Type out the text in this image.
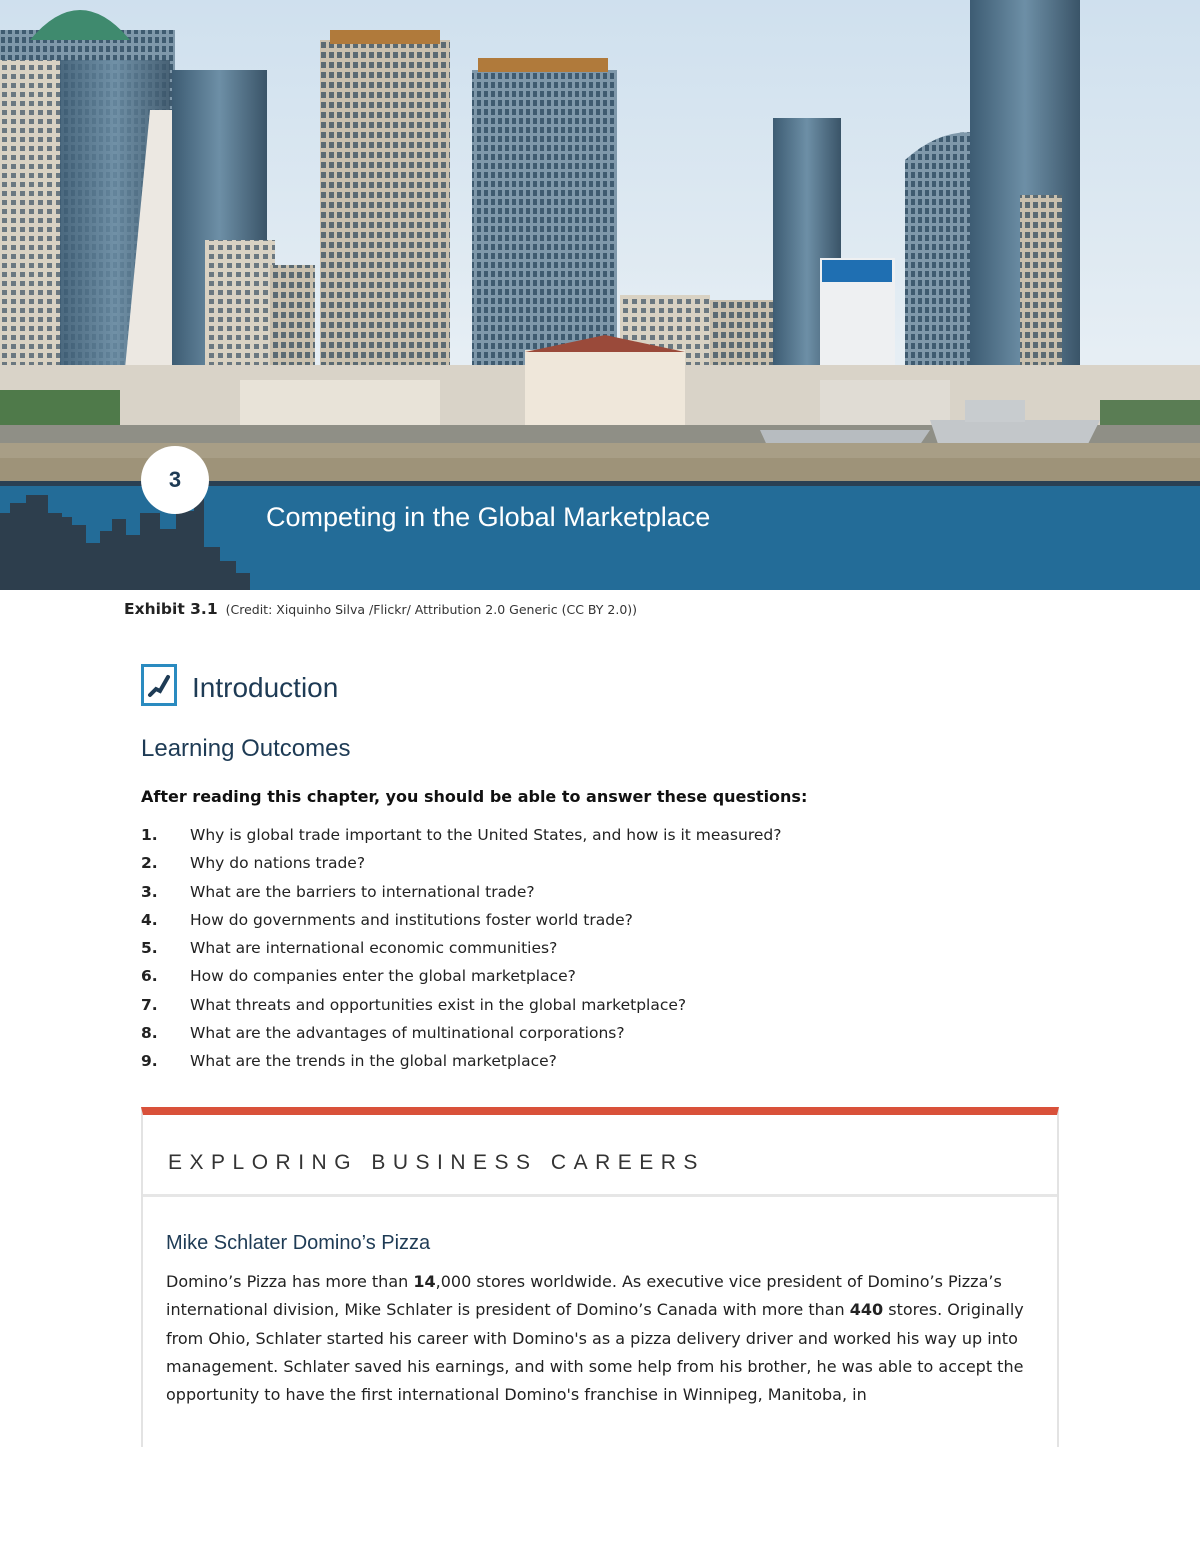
3
Competing in the Global Marketplace
Exhibit 3.1 (Credit: Xiquinho Silva /Flickr/ Attribution 2.0 Generic (CC BY 2.0))
Introduction
Learning Outcomes
After reading this chapter, you should be able to answer these questions:
1.	Why is global trade important to the United States, and how is it measured?
2.	Why do nations trade?
3.	What are the barriers to international trade?
4.	How do governments and institutions foster world trade?
5.	What are international economic communities?
6.	How do companies enter the global marketplace?
7.	What threats and opportunities exist in the global marketplace?
8.	What are the advantages of multinational corporations?
9.	What are the trends in the global marketplace?
EXPLORING BUSINESS CAREERS
Mike Schlater Domino’s Pizza

Domino’s Pizza has more than 14,000 stores worldwide. As executive vice president of Domino’s Pizza’s international division, Mike Schlater is president of Domino’s Canada with more than 440 stores. Originally from Ohio, Schlater started his career with Domino's as a pizza delivery driver and worked his way up into management. Schlater saved his earnings, and with some help from his brother, he was able to accept the opportunity to have the first international Domino's franchise in Winnipeg, Manitoba, in
